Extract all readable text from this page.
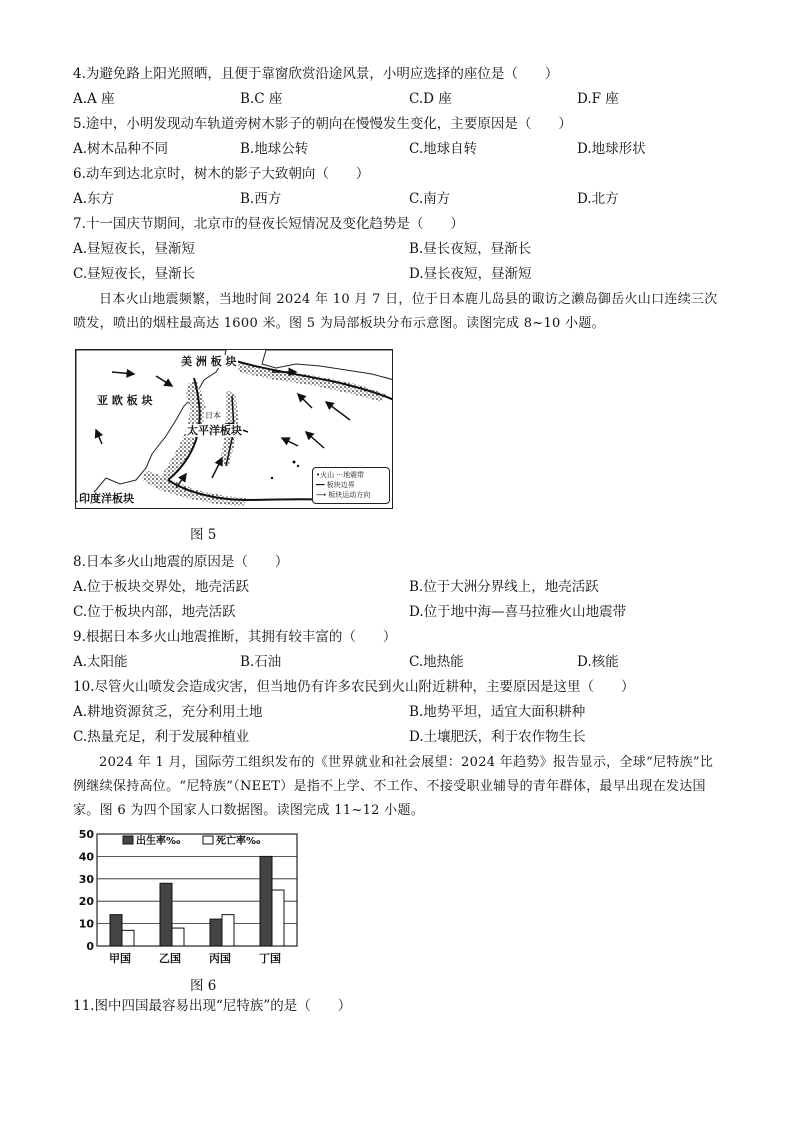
4.为避免路上阳光照晒，且便于靠窗欣赏沿途风景，小明应选择的座位是（　　）
A.A 座	B.C 座	C.D 座	D.F 座
5.途中，小明发现动车轨道旁树木影子的朝向在慢慢发生变化，主要原因是（　　）
A.树木品种不同	B.地球公转	C.地球自转	D.地球形状
6.动车到达北京时，树木的影子大致朝向（　　）
A.东方	B.西方	C.南方	D.北方
7.十一国庆节期间，北京市的昼夜长短情况及变化趋势是（　　）
A.昼短夜长，昼渐短	B.昼长夜短，昼渐长
C.昼短夜长，昼渐长	D.昼长夜短，昼渐短
日本火山地震频繁，当地时间 2024 年 10 月 7 日，位于日本鹿儿岛县的诹访之濑岛御岳火山口连续三次喷发，喷出的烟柱最高达 1600 米。图 5 为局部板块分布示意图。读图完成 8~10 小题。
美 洲 板 块
亚 欧 板 块
日本
太平洋板块
印度洋板块
•火山 ···地震带
━━ 板块边界
⟶ 板块运动方向
图 5
8.日本多火山地震的原因是（　　）
A.位于板块交界处，地壳活跃	B.位于大洲分界线上，地壳活跃
C.位于板块内部，地壳活跃	D.位于地中海—喜马拉雅火山地震带
9.根据日本多火山地震推断，其拥有较丰富的（　　）
A.太阳能	B.石油	C.地热能	D.核能
10.尽管火山喷发会造成灾害，但当地仍有许多农民到火山附近耕种，主要原因是这里（　　）
A.耕地资源贫乏，充分利用土地	B.地势平坦，适宜大面积耕种
C.热量充足，利于发展种植业	D.土壤肥沃，利于农作物生长
2024 年 1 月，国际劳工组织发布的《世界就业和社会展望：2024 年趋势》报告显示，全球“尼特族”比例继续保持高位。“尼特族”（NEET）是指不上学、不工作、不接受职业辅导的青年群体，最早出现在发达国家。图 6 为四个国家人口数据图。读图完成 11~12 小题。
0
10
20
30
40
50
甲国	乙国	丙国	丁国
出生率‰	死亡率‰
图 6
11.图中四国最容易出现“尼特族”的是（　　）
